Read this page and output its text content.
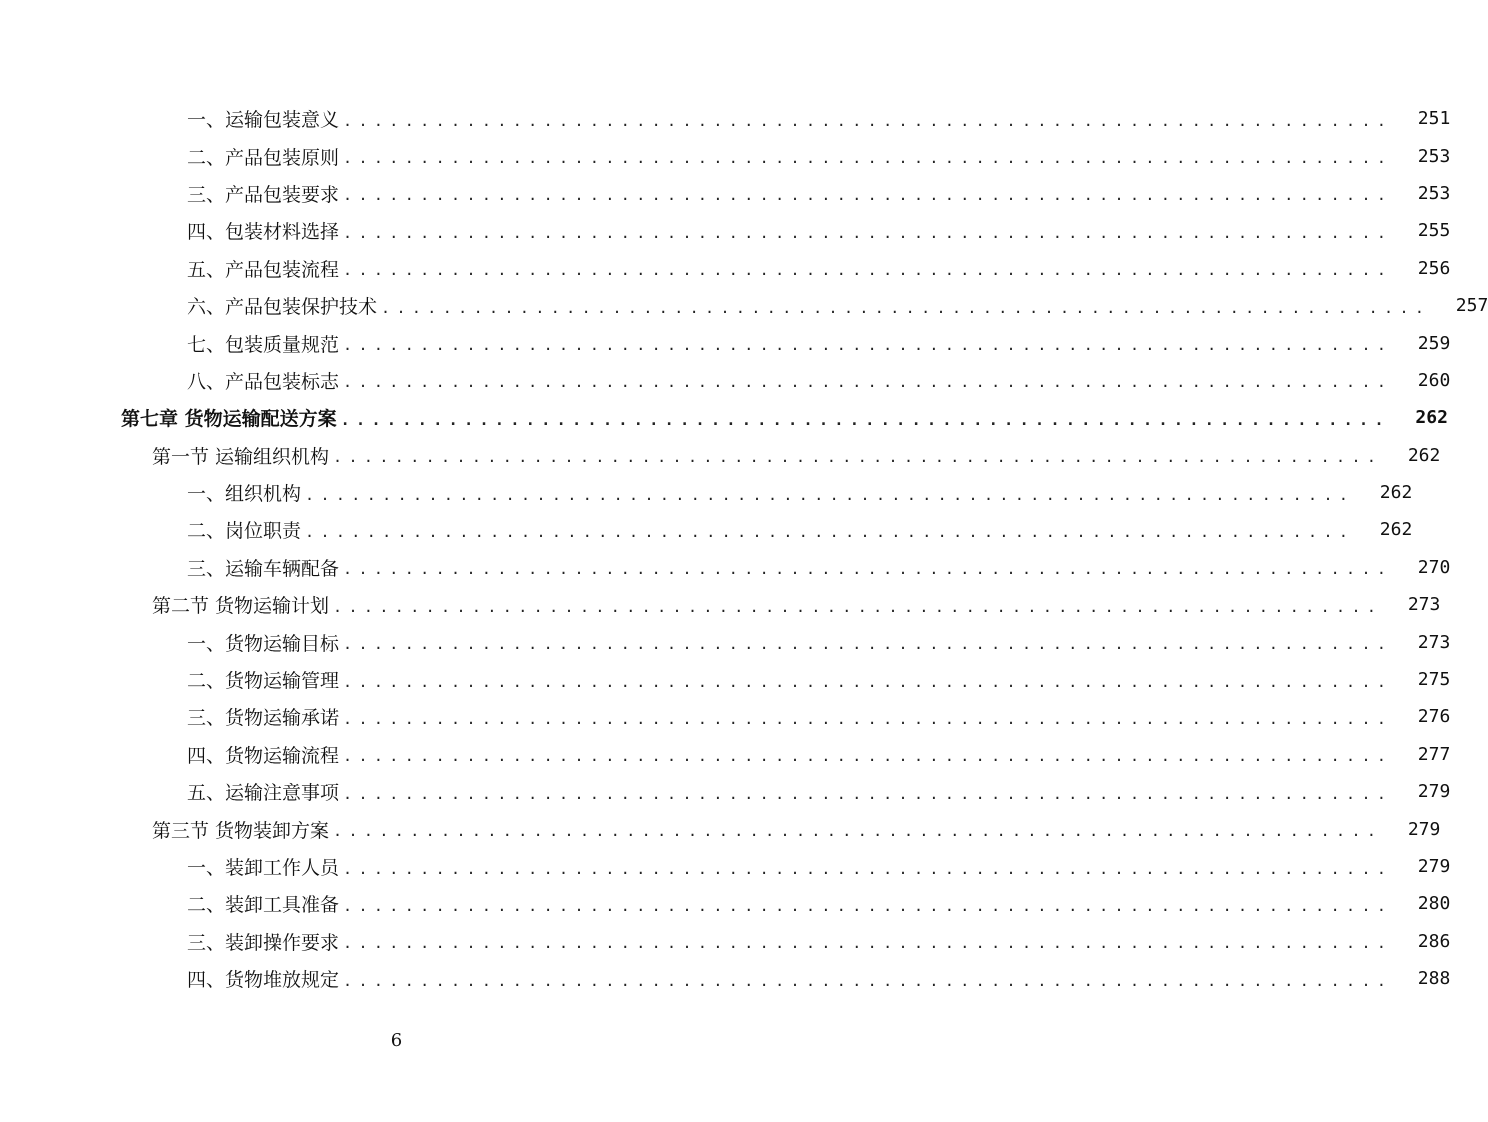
一、运输包装意义 ....................................................................	251
二、产品包装原则 ....................................................................	253
三、产品包装要求 ....................................................................	253
四、包装材料选择 ....................................................................	255
五、产品包装流程 ....................................................................	256
六、产品包装保护技术 ....................................................................	257
七、包装质量规范 ....................................................................	259
八、产品包装标志 ....................................................................	260
第七章 货物运输配送方案 ....................................................................	262
第一节 运输组织机构 ....................................................................	262
一、组织机构 ....................................................................	262
二、岗位职责 ....................................................................	262
三、运输车辆配备 ....................................................................	270
第二节 货物运输计划 ....................................................................	273
一、货物运输目标 ....................................................................	273
二、货物运输管理 ....................................................................	275
三、货物运输承诺 ....................................................................	276
四、货物运输流程 ....................................................................	277
五、运输注意事项 ....................................................................	279
第三节 货物装卸方案 ....................................................................	279
一、装卸工作人员 ....................................................................	279
二、装卸工具准备 ....................................................................	280
三、装卸操作要求 ....................................................................	286
四、货物堆放规定 ....................................................................	288
6
